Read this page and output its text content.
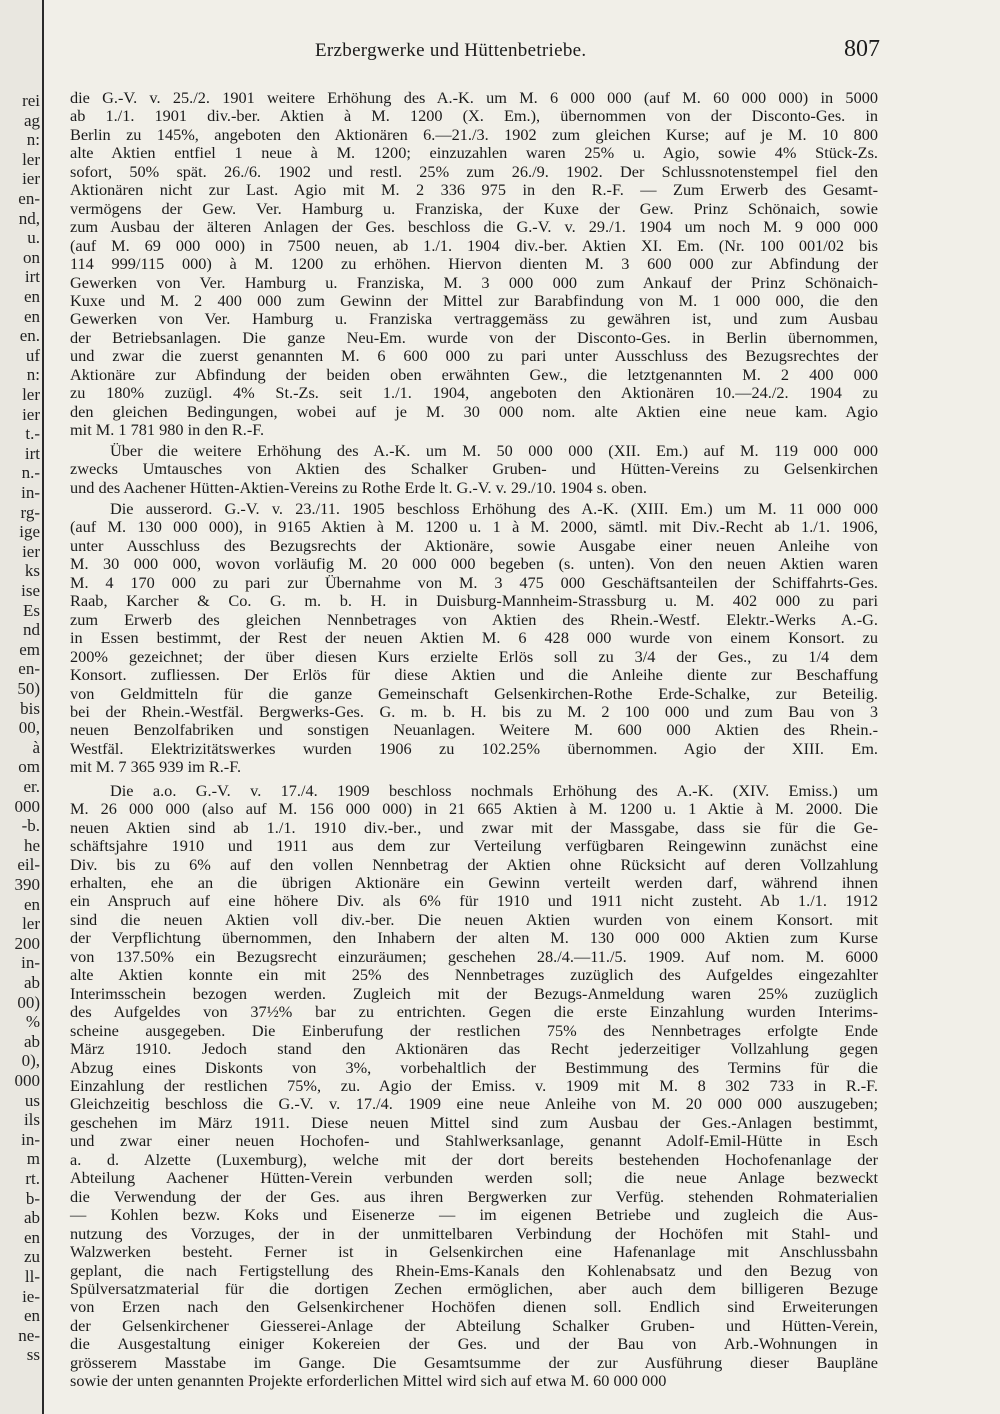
rei
ag
n:
ler
ier
en-
nd,
u.
on
irt
en
en
en.
uf
n:
ler
ier
t.-
irt
n.-
in-
rg-
ige
ier
ks
ise
Es
nd
em
en-
50)
bis
00,
à
om
er.
000
-b.
he
eil-
390
en
ler
200
in-
ab
00)
%
ab
0),
000
us
ils
in-
m
rt.
b-
ab
en
zu
ll-
ie-
en
ne-
ss
Erzbergwerke und Hüttenbetriebe.	807
die G.-V. v. 25./2. 1901 weitere Erhöhung des A.-K. um M. 6 000 000 (auf M. 60 000 000) in 5000
ab 1./1. 1901 div.-ber. Aktien à M. 1200 (X. Em.), übernommen von der Disconto-Ges. in
Berlin zu 145%, angeboten den Aktionären 6.—21./3. 1902 zum gleichen Kurse; auf je M. 10 800
alte Aktien entfiel 1 neue à M. 1200; einzuzahlen waren 25% u. Agio, sowie 4% Stück-Zs.
sofort, 50% spät. 26./6. 1902 und restl. 25% zum 26./9. 1902. Der Schlussnotenstempel fiel den
Aktionären nicht zur Last. Agio mit M. 2 336 975 in den R.-F. — Zum Erwerb des Gesamt-
vermögens der Gew. Ver. Hamburg u. Franziska, der Kuxe der Gew. Prinz Schönaich, sowie
zum Ausbau der älteren Anlagen der Ges. beschloss die G.-V. v. 29./1. 1904 um noch M. 9 000 000
(auf M. 69 000 000) in 7500 neuen, ab 1./1. 1904 div.-ber. Aktien XI. Em. (Nr. 100 001/02 bis
114 999/115 000) à M. 1200 zu erhöhen. Hiervon dienten M. 3 600 000 zur Abfindung der
Gewerken von Ver. Hamburg u. Franziska, M. 3 000 000 zum Ankauf der Prinz Schönaich-
Kuxe und M. 2 400 000 zum Gewinn der Mittel zur Barabfindung von M. 1 000 000, die den
Gewerken von Ver. Hamburg u. Franziska vertraggemäss zu gewähren ist, und zum Ausbau
der Betriebsanlagen. Die ganze Neu-Em. wurde von der Disconto-Ges. in Berlin übernommen,
und zwar die zuerst genannten M. 6 600 000 zu pari unter Ausschluss des Bezugsrechtes der
Aktionäre zur Abfindung der beiden oben erwähnten Gew., die letztgenannten M. 2 400 000
zu 180% zuzügl. 4% St.-Zs. seit 1./1. 1904, angeboten den Aktionären 10.—24./2. 1904 zu
den gleichen Bedingungen, wobei auf je M. 30 000 nom. alte Aktien eine neue kam. Agio
mit M. 1 781 980 in den R.-F.
Über die weitere Erhöhung des A.-K. um M. 50 000 000 (XII. Em.) auf M. 119 000 000
zwecks Umtausches von Aktien des Schalker Gruben- und Hütten-Vereins zu Gelsenkirchen
und des Aachener Hütten-Aktien-Vereins zu Rothe Erde lt. G.-V. v. 29./10. 1904 s. oben.
Die ausserord. G.-V. v. 23./11. 1905 beschloss Erhöhung des A.-K. (XIII. Em.) um M. 11 000 000
(auf M. 130 000 000), in 9165 Aktien à M. 1200 u. 1 à M. 2000, sämtl. mit Div.-Recht ab 1./1. 1906,
unter Ausschluss des Bezugsrechts der Aktionäre, sowie Ausgabe einer neuen Anleihe von
M. 30 000 000, wovon vorläufig M. 20 000 000 begeben (s. unten). Von den neuen Aktien waren
M. 4 170 000 zu pari zur Übernahme von M. 3 475 000 Geschäftsanteilen der Schiffahrts-Ges.
Raab, Karcher & Co. G. m. b. H. in Duisburg-Mannheim-Strassburg u. M. 402 000 zu pari
zum Erwerb des gleichen Nennbetrages von Aktien des Rhein.-Westf. Elektr.-Werks A.-G.
in Essen bestimmt, der Rest der neuen Aktien M. 6 428 000 wurde von einem Konsort. zu
200% gezeichnet; der über diesen Kurs erzielte Erlös soll zu 3/4 der Ges., zu 1/4 dem
Konsort. zufliessen. Der Erlös für diese Aktien und die Anleihe diente zur Beschaffung
von Geldmitteln für die ganze Gemeinschaft Gelsenkirchen-Rothe Erde-Schalke, zur Beteilig.
bei der Rhein.-Westfäl. Bergwerks-Ges. G. m. b. H. bis zu M. 2 100 000 und zum Bau von 3
neuen Benzolfabriken und sonstigen Neuanlagen. Weitere M. 600 000 Aktien des Rhein.-
Westfäl. Elektrizitätswerkes wurden 1906 zu 102.25% übernommen. Agio der XIII. Em.
mit M. 7 365 939 im R.-F.
Die a.o. G.-V. v. 17./4. 1909 beschloss nochmals Erhöhung des A.-K. (XIV. Emiss.) um
M. 26 000 000 (also auf M. 156 000 000) in 21 665 Aktien à M. 1200 u. 1 Aktie à M. 2000. Die
neuen Aktien sind ab 1./1. 1910 div.-ber., und zwar mit der Massgabe, dass sie für die Ge-
schäftsjahre 1910 und 1911 aus dem zur Verteilung verfügbaren Reingewinn zunächst eine
Div. bis zu 6% auf den vollen Nennbetrag der Aktien ohne Rücksicht auf deren Vollzahlung
erhalten, ehe an die übrigen Aktionäre ein Gewinn verteilt werden darf, während ihnen
ein Anspruch auf eine höhere Div. als 6% für 1910 und 1911 nicht zusteht. Ab 1./1. 1912
sind die neuen Aktien voll div.-ber. Die neuen Aktien wurden von einem Konsort. mit
der Verpflichtung übernommen, den Inhabern der alten M. 130 000 000 Aktien zum Kurse
von 137.50% ein Bezugsrecht einzuräumen; geschehen 28./4.—11./5. 1909. Auf nom. M. 6000
alte Aktien konnte ein mit 25% des Nennbetrages zuzüglich des Aufgeldes eingezahlter
Interimsschein bezogen werden. Zugleich mit der Bezugs-Anmeldung waren 25% zuzüglich
des Aufgeldes von 37½% bar zu entrichten. Gegen die erste Einzahlung wurden Interims-
scheine ausgegeben. Die Einberufung der restlichen 75% des Nennbetrages erfolgte Ende
März 1910. Jedoch stand den Aktionären das Recht jederzeitiger Vollzahlung gegen
Abzug eines Diskonts von 3%, vorbehaltlich der Bestimmung des Termins für die
Einzahlung der restlichen 75%, zu. Agio der Emiss. v. 1909 mit M. 8 302 733 in R.-F.
Gleichzeitig beschloss die G.-V. v. 17./4. 1909 eine neue Anleihe von M. 20 000 000 auszugeben;
geschehen im März 1911. Diese neuen Mittel sind zum Ausbau der Ges.-Anlagen bestimmt,
und zwar einer neuen Hochofen- und Stahlwerksanlage, genannt Adolf-Emil-Hütte in Esch
a. d. Alzette (Luxemburg), welche mit der dort bereits bestehenden Hochofenanlage der
Abteilung Aachener Hütten-Verein verbunden werden soll; die neue Anlage bezweckt
die Verwendung der der Ges. aus ihren Bergwerken zur Verfüg. stehenden Rohmaterialien
— Kohlen bezw. Koks und Eisenerze — im eigenen Betriebe und zugleich die Aus-
nutzung des Vorzuges, der in der unmittelbaren Verbindung der Hochöfen mit Stahl- und
Walzwerken besteht. Ferner ist in Gelsenkirchen eine Hafenanlage mit Anschlussbahn
geplant, die nach Fertigstellung des Rhein-Ems-Kanals den Kohlenabsatz und den Bezug von
Spülversatzmaterial für die dortigen Zechen ermöglichen, aber auch dem billigeren Bezuge
von Erzen nach den Gelsenkirchener Hochöfen dienen soll. Endlich sind Erweiterungen
der Gelsenkirchener Giesserei-Anlage der Abteilung Schalker Gruben- und Hütten-Verein,
die Ausgestaltung einiger Kokereien der Ges. und der Bau von Arb.-Wohnungen in
grösserem Masstabe im Gange. Die Gesamtsumme der zur Ausführung dieser Baupläne
sowie der unten genannten Projekte erforderlichen Mittel wird sich auf etwa M. 60 000 000
